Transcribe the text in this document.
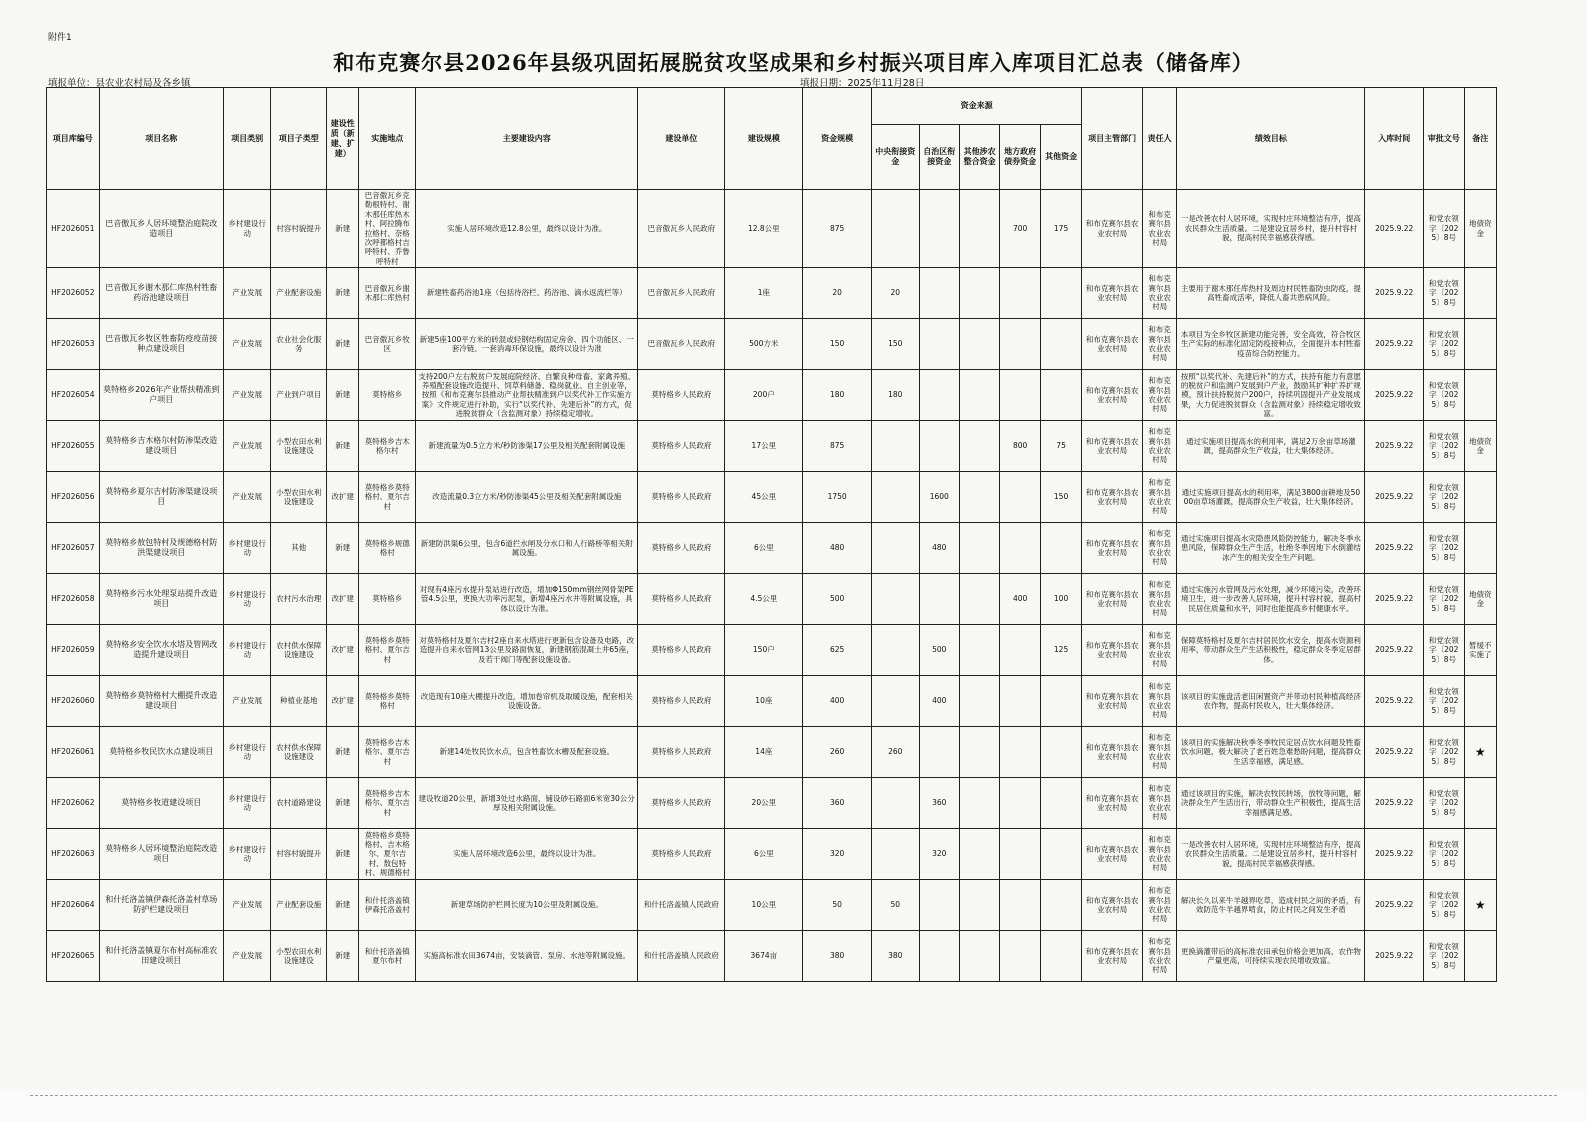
附件1
和布克赛尔县2026年县级巩固拓展脱贫攻坚成果和乡村振兴项目库入库项目汇总表（储备库）
填报单位：县农业农村局及各乡镇	填报日期：2025年11月28日
项目库编号	项目名称	项目类别	项目子类型	建设性质（新建、扩建）	实施地点	主要建设内容	建设单位	建设规模	资金规模	资金来源					项目主管部门	责任人	绩效目标	入库时间	审批文号	备注
										中央衔接资金	自治区衔接资金	其他涉农整合资金	地方政府债券资金	其他资金						
HF2026051	巴音傲瓦乡人居环境整治庭院改造项目	乡村建设行动	村容村貌提升	新建	巴音傲瓦乡克勒根特村、谢木那任库热木村、阿拉腾布拉格村、奈格次呼都格村吉呼特村、乔鲁呼特村	实施人居环境改造12.8公里，最终以设计为准。	巴音傲瓦乡人民政府	12.8公里	875				700	175	和布克赛尔县农业农村局	和布克赛尔县农业农村局	一是改善农村人居环境，实现村庄环境整洁有序，提高农民群众生活质量。二是建设宜居乡村，提升村容村貌，提高村民幸福感获得感。	2025.9.22	和党农领字〔2025〕8号	地债资金
HF2026052	巴音傲瓦乡谢木那仁库热村牲畜药浴池建设项目	产业发展	产业配套设施	新建	巴音傲瓦乡谢木那仁库热村	新建牲畜药浴池1座（包括待浴栏、药浴池、滴水返流栏等）	巴音傲瓦乡人民政府	1座	20	20					和布克赛尔县农业农村局	和布克赛尔县农业农村局	主要用于谢木那任库热村及周边村民牲畜防虫防疫，提高牲畜成活率，降低人畜共患病风险。	2025.9.22	和党农领字〔2025〕8号	
HF2026053	巴音傲瓦乡牧区牲畜防疫疫苗接种点建设项目	产业发展	农业社会化服务	新建	巴音傲瓦乡牧区	新建5座100平方米的砖混或轻钢结构固定房舍、四个功能区、一套冷链、一套消毒环保设施，最终以设计为准	巴音傲瓦乡人民政府	500方米	150	150					和布克赛尔县农业农村局	和布克赛尔县农业农村局	本项目为全乡牧区新建功能完善，安全高效，符合牧区生产实际的标准化固定防疫接种点，全面提升本村牲畜疫苗综合防控能力。	2025.9.22	和党农领字〔2025〕8号	
HF2026054	莫特格乡2026年产业帮扶精准到户项目	产业发展	产业到户项目	新建	莫特格乡	支持200户左右脱贫户发展庭院经济、自繁良种母畜、家禽养殖、养殖配套设施改造提升、饲草料储备、稳岗就业、自主创业等，按照《和布克赛尔县推动产业帮扶精准到户以奖代补工作实施方案》文件规定进行补助，实行“以奖代补、先建后补”的方式，促进脱贫群众（含监测对象）持续稳定增收。	莫特格乡人民政府	200户	180	180					和布克赛尔县农业农村局	和布克赛尔县农业农村局	按照“以奖代补、先建后补”的方式，扶持有能力有意愿的脱贫户和监测户发展到户产业，鼓励其扩种扩养扩规模，预计扶持脱贫户200户，持续巩固提升产业发展成果，大力促进脱贫群众（含监测对象）持续稳定增收致富。	2025.9.22	和党农领字〔2025〕8号	
HF2026055	莫特格乡吉木格尔村防渗渠改造建设项目	产业发展	小型农田水利设施建设	新建	莫特格乡吉木格尔村	新建流量为0.5立方米/秒防渗渠17公里及相关配套附属设施	莫特格乡人民政府	17公里	875				800	75	和布克赛尔县农业农村局	和布克赛尔县农业农村局	通过实施项目提高水的利用率，满足2万余亩草场灌溉，提高群众生产收益，壮大集体经济。	2025.9.22	和党农领字〔2025〕8号	地债资金
HF2026056	莫特格乡夏尔吉村防渗渠建设项目	产业发展	小型农田水利设施建设	改扩建	莫特格乡莫特格村、夏尔吉村	改造流量0.3立方米/秒防渗渠45公里及相关配套附属设施	莫特格乡人民政府	45公里	1750		1600			150	和布克赛尔县农业农村局	和布克赛尔县农业农村局	通过实施项目提高水的利用率，满足3800亩耕地及5000亩草场灌溉，提高群众生产收益，壮大集体经济。	2025.9.22	和党农领字〔2025〕8号	
HF2026057	莫特格乡敖包特村及规德格村防洪渠建设项目	乡村建设行动	其他	新建	莫特格乡规德格村	新建防洪渠6公里，包含6道拦水闸及分水口和人行路桥等相关附属设施。	莫特格乡人民政府	6公里	480		480				和布克赛尔县农业农村局	和布克赛尔县农业农村局	通过实施项目提高水灾隐患风险防控能力，解决冬季水患风险，保障群众生产生活，杜绝冬季因地下水倒灌结冰产生的相关安全生产问题。	2025.9.22	和党农领字〔2025〕8号	
HF2026058	莫特格乡污水处理泵站提升改造项目	乡村建设行动	农村污水治理	改扩建	莫特格乡	对现有4座污水提升泵站进行改造，增加Φ150mm钢丝网骨架PE管4.5公里，更换大功率污泥泵，新增4座污水井等附属设施，具体以设计为准。	莫特格乡人民政府	4.5公里	500				400	100	和布克赛尔县农业农村局	和布克赛尔县农业农村局	通过实施污水管网及污水处理，减少环境污染，改善环境卫生，进一步改善人居环境，提升村容村貌，提高村民居住质量和水平，同时也能提高乡村健康水平。	2025.9.22	和党农领字〔2025〕8号	地债资金
HF2026059	莫特格乡安全饮水水塔及管网改造提升建设项目	乡村建设行动	农村供水保障设施建设	改扩建	莫特格乡莫特格村、夏尔吉村	对莫特格村及夏尔吉村2座自来水塔进行更新包含设备及电路，改造提升自来水管网13公里及路面恢复，新建钢筋混凝土井65座，及若干阀门等配套设施设备。	莫特格乡人民政府	150户	625		500			125	和布克赛尔县农业农村局	和布克赛尔县农业农村局	保障莫特格村及夏尔吉村居民饮水安全，提高水资源利用率，带动群众生产生活积极性，稳定群众冬季定居群体。	2025.9.22	和党农领字〔2025〕8号	暂缓不实施了
HF2026060	莫特格乡莫特格村大棚提升改造建设项目	产业发展	种植业基地	改扩建	莫特格乡莫特格村	改造现有10座大棚提升改造，增加卷帘机及取暖设施，配套相关设施设备。	莫特格乡人民政府	10座	400		400				和布克赛尔县农业农村局	和布克赛尔县农业农村局	该项目的实施盘活老旧闲置资产并带动村民种植高经济农作物，提高村民收入，壮大集体经济。	2025.9.22	和党农领字〔2025〕8号	
HF2026061	莫特格乡牧民饮水点建设项目	乡村建设行动	农村供水保障设施建设	新建	莫特格乡吉木格尔、夏尔吉村	新建14处牧民饮水点，包含牲畜饮水槽及配套设施。	莫特格乡人民政府	14座	260	260					和布克赛尔县农业农村局	和布克赛尔县农业农村局	该项目的实施解决秋季冬季牧民定居点饮水问题及牲畜饮水问题，极大解决了老百姓急难愁盼问题，提高群众生活幸福感，满足感。	2025.9.22	和党农领字〔2025〕8号	★
HF2026062	莫特格乡牧道建设项目	乡村建设行动	农村道路建设	新建	莫特格乡吉木格尔、夏尔吉村	建设牧道20公里，新增3处过水路面，铺设砂石路面6米宽30公分厚及相关附属设施。	莫特格乡人民政府	20公里	360		360				和布克赛尔县农业农村局	和布克赛尔县农业农村局	通过该项目的实施，解决农牧民转场，放牧等问题，解决群众生产生活出行，带动群众生产积极性，提高生活幸福感满足感。	2025.9.22	和党农领字〔2025〕8号	
HF2026063	莫特格乡人居环境整治庭院改造项目	乡村建设行动	村容村貌提升	新建	莫特格乡莫特格村、吉木格尔、夏尔吉村、敖包特村、规德格村	实施人居环境改造6公里，最终以设计为准。	莫特格乡人民政府	6公里	320		320				和布克赛尔县农业农村局	和布克赛尔县农业农村局	一是改善农村人居环境，实现村庄环境整洁有序，提高农民群众生活质量。二是建设宜居乡村，提升村容村貌，提高村民幸福感获得感。	2025.9.22	和党农领字〔2025〕8号	
HF2026064	和什托洛盖镇伊森托洛盖村草场防护栏建设项目	产业发展	产业配套设施	新建	和什托洛盖镇伊森托洛盖村	新建草场防护栏网长度为10公里及附属设施。	和什托洛盖镇人民政府	10公里	50	50					和布克赛尔县农业农村局	和布克赛尔县农业农村局	解决长久以来牛羊越界吃草，造成村民之间的矛盾，有效防范牛羊越界啃食，防止村民之间发生矛盾	2025.9.22	和党农领字〔2025〕8号	★
HF2026065	和什托洛盖镇夏尔布村高标准农田建设项目	产业发展	小型农田水利设施建设	新建	和什托洛盖镇夏尔布村	实施高标准农田3674亩，安装滴管、泵房、水池等附属设施。	和什托洛盖镇人民政府	3674亩	380	380					和布克赛尔县农业农村局	和布克赛尔县农业农村局	更换滴灌带后的高标准农田承包价格会更加高，农作物产量更高，可持续实现农民增收致富。	2025.9.22	和党农领字〔2025〕8号	
